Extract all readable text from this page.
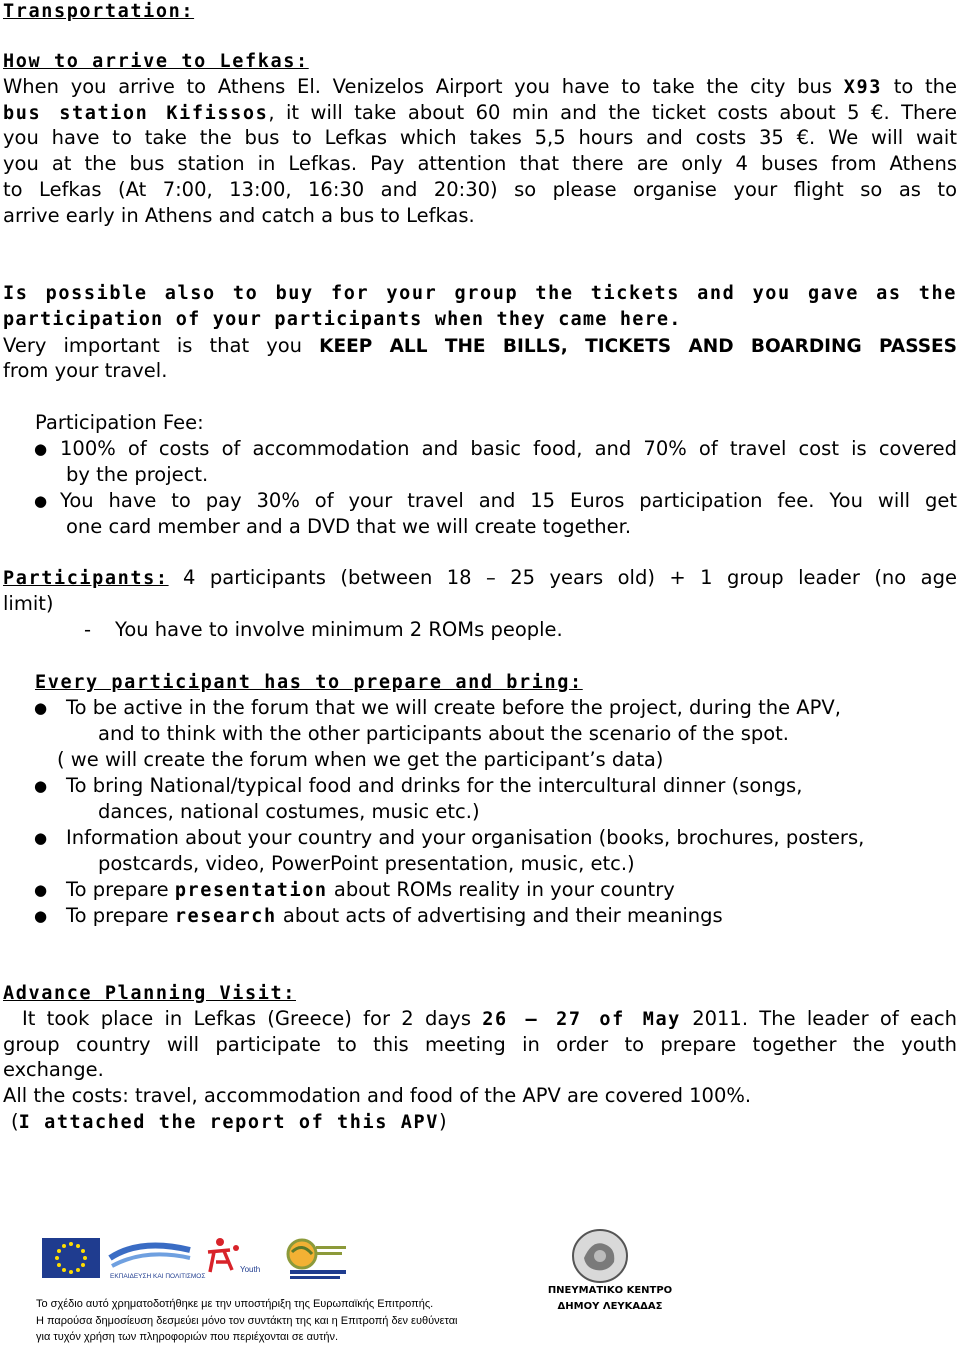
Transportation:
How to arrive to Lefkas:
When you arrive to Athens El. Venizelos Airport you have to take the city bus X93 to the
bus station Kifissos, it will take about 60 min and the ticket costs about 5 €. There
you have to take the bus to Lefkas which takes 5,5 hours and costs 35 €. We will wait
you at the bus station in Lefkas. Pay attention that there are only 4 buses from Athens
to Lefkas (At 7:00, 13:00, 16:30 and 20:30) so please organise your flight so as to
arrive early in Athens and catch a bus to Lefkas.
Is possible also to buy for your group the tickets and you gave as the
participation of your participants when they came here.
Very important is that you KEEP ALL THE BILLS, TICKETS AND BOARDING PASSES
from your travel.
Participation Fee:
● 100% of costs of accommodation and basic food, and 70% of travel cost is covered
by the project.
● You have to pay 30% of your travel and 15 Euros participation fee. You will get
one card member and a DVD that we will create together.
Participants: 4 participants (between 18 – 25 years old) + 1 group leader (no age
limit)
-	You have to involve minimum 2 ROMs people.
Every participant has to prepare and bring:
● To be active in the forum that we will create before the project, during the APV,
and to think with the other participants about the scenario of the spot.
( we will create the forum when we get the participant’s data)
● To bring National/typical food and drinks for the intercultural dinner (songs,
dances, national costumes, music etc.)
● Information about your country and your organisation (books, brochures, posters,
postcards, video, PowerPoint presentation, music, etc.)
● To prepare presentation about ROMs reality in your country
● To prepare research about acts of advertising and their meanings
Advance Planning Visit:
It took place in Lefkas (Greece) for 2 days 26 – 27 of May 2011. The leader of each
group country will participate to this meeting in order to prepare together the youth
exchange.
All the costs: travel, accommodation and food of the APV are covered 100%.
(I attached the report of this APV)
ΕΚΠΑΙΔΕΥΣΗ ΚΑΙ ΠΟΛΙΤΙΣΜΟΣ
Youth
ΠΝΕΥΜΑΤΙΚΟ ΚΕΝΤΡΟ
ΔΗΜΟΥ ΛΕΥΚΑΔΑΣ
Το σχέδιο αυτό χρηματοδοτήθηκε με την υποστήριξη της Ευρωπαϊκής Επιτροπής.
Η παρούσα δημοσίευση δεσμεύει μόνο τον συντάκτη της και η Επιτροπή δεν ευθύνεται
για τυχόν χρήση των πληροφοριών που περιέχονται σε αυτήν.
